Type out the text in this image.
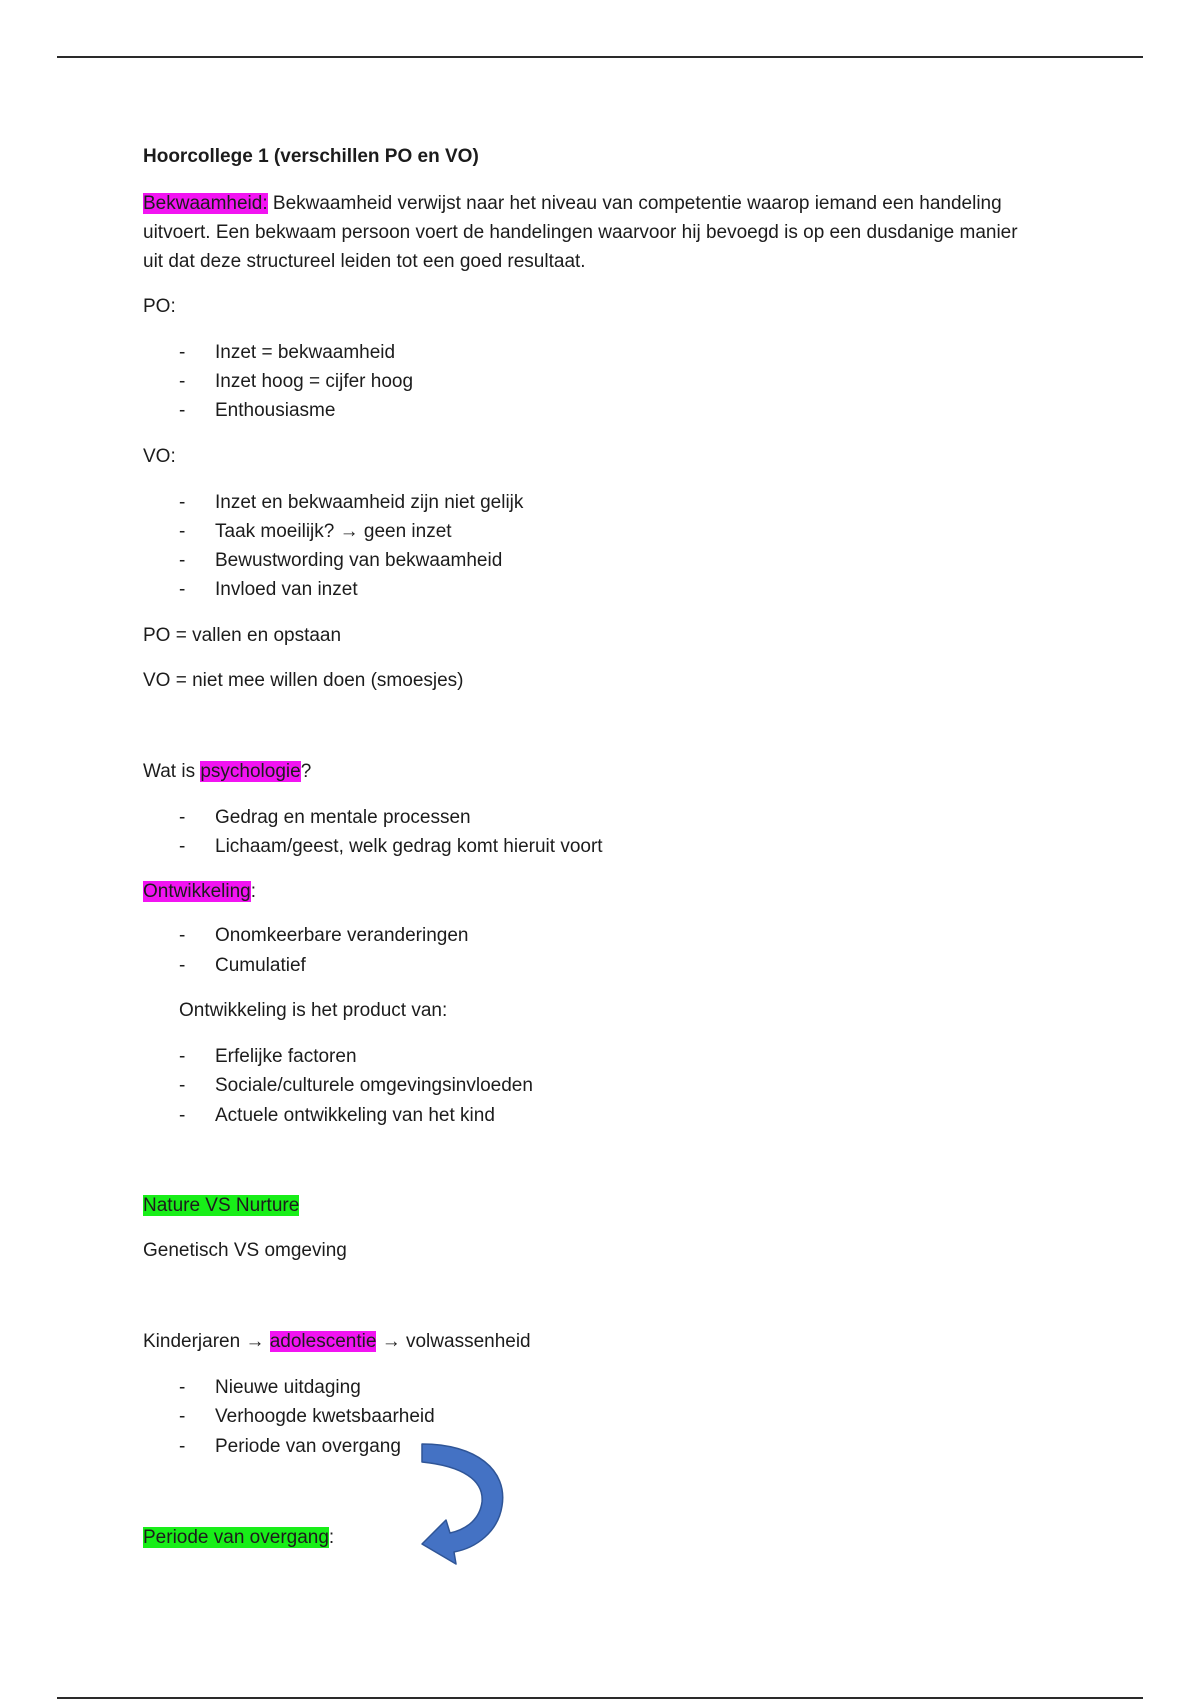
Hoorcollege 1 (verschillen PO en VO)
Bekwaamheid: Bekwaamheid verwijst naar het niveau van competentie waarop iemand een handeling uitvoert. Een bekwaam persoon voert de handelingen waarvoor hij bevoegd is op een dusdanige manier uit dat deze structureel leiden tot een goed resultaat.
PO:
- Inzet = bekwaamheid
- Inzet hoog = cijfer hoog
- Enthousiasme
VO:
- Inzet en bekwaamheid zijn niet gelijk
- Taak moeilijk? → geen inzet
- Bewustwording van bekwaamheid
- Invloed van inzet
PO = vallen en opstaan
VO = niet mee willen doen (smoesjes)
Wat is psychologie?
- Gedrag en mentale processen
- Lichaam/geest, welk gedrag komt hieruit voort
Ontwikkeling:
- Onomkeerbare veranderingen
- Cumulatief
Ontwikkeling is het product van:
- Erfelijke factoren
- Sociale/culturele omgevingsinvloeden
- Actuele ontwikkeling van het kind
Nature VS Nurture
Genetisch VS omgeving
Kinderjaren → adolescentie → volwassenheid
- Nieuwe uitdaging
- Verhoogde kwetsbaarheid
- Periode van overgang
Periode van overgang:
